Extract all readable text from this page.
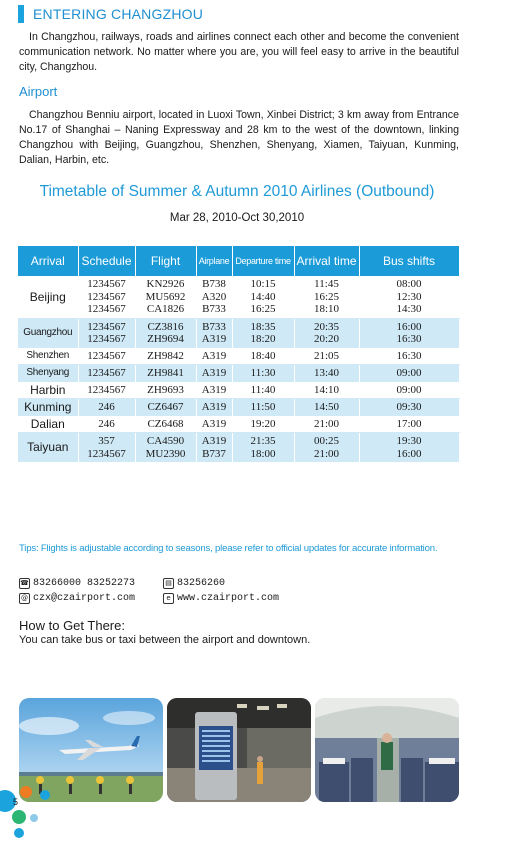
ENTERING CHANGZHOU

In Changzhou, railways, roads and airlines connect each other and become the convenient communication network. No matter where you are, you will feel easy to arrive in the beautiful city, Changzhou.

Airport

Changzhou Benniu airport, located in Luoxi Town, Xinbei District; 3 km away from Entrance No.17 of Shanghai – Naning Expressway and 28 km to the west of the downtown, linking Changzhou with Beijing, Guangzhou, Shenzhen, Shenyang, Xiamen, Taiyuan, Kunming, Dalian, Harbin, etc.

Timetable of Summer & Autumn 2010 Airlines (Outbound)
Mar 28, 2010-Oct 30,2010
Arrival	Schedule	Flight	Airplane	Departure time	Arrival time	Bus shifts
Beijing	1234567
1234567
1234567	KN2926
MU5692
CA1826	B738
A320
B733	10:15
14:40
16:25	11:45
16:25
18:10	08:00
12:30
14:30

Guangzhou	1234567
1234567	CZ3816
ZH9694	B733
A319	18:35
18:20	20:35
20:20	16:00
16:30

Shenzhen	1234567	ZH9842	A319	18:40	21:05	16:30

Shenyang	1234567	ZH9841	A319	11:30	13:40	09:00

Harbin	1234567	ZH9693	A319	11:40	14:10	09:00

Kunming	246	CZ6467	A319	11:50	14:50	09:30

Dalian	246	CZ6468	A319	19:20	21:00	17:00

Taiyuan	357
1234567	CA4590
MU2390	A319
B737	21:35
18:00	00:25
21:00	19:30
16:00
Tips: Flights is adjustable according to seasons, please refer to official updates for accurate information.
☎ 83266000 83252273	▤ 83256260
@ czx@czairport.com	e www.czairport.com
How to Get There:
You can take bus or taxi between the airport and downtown.
5
